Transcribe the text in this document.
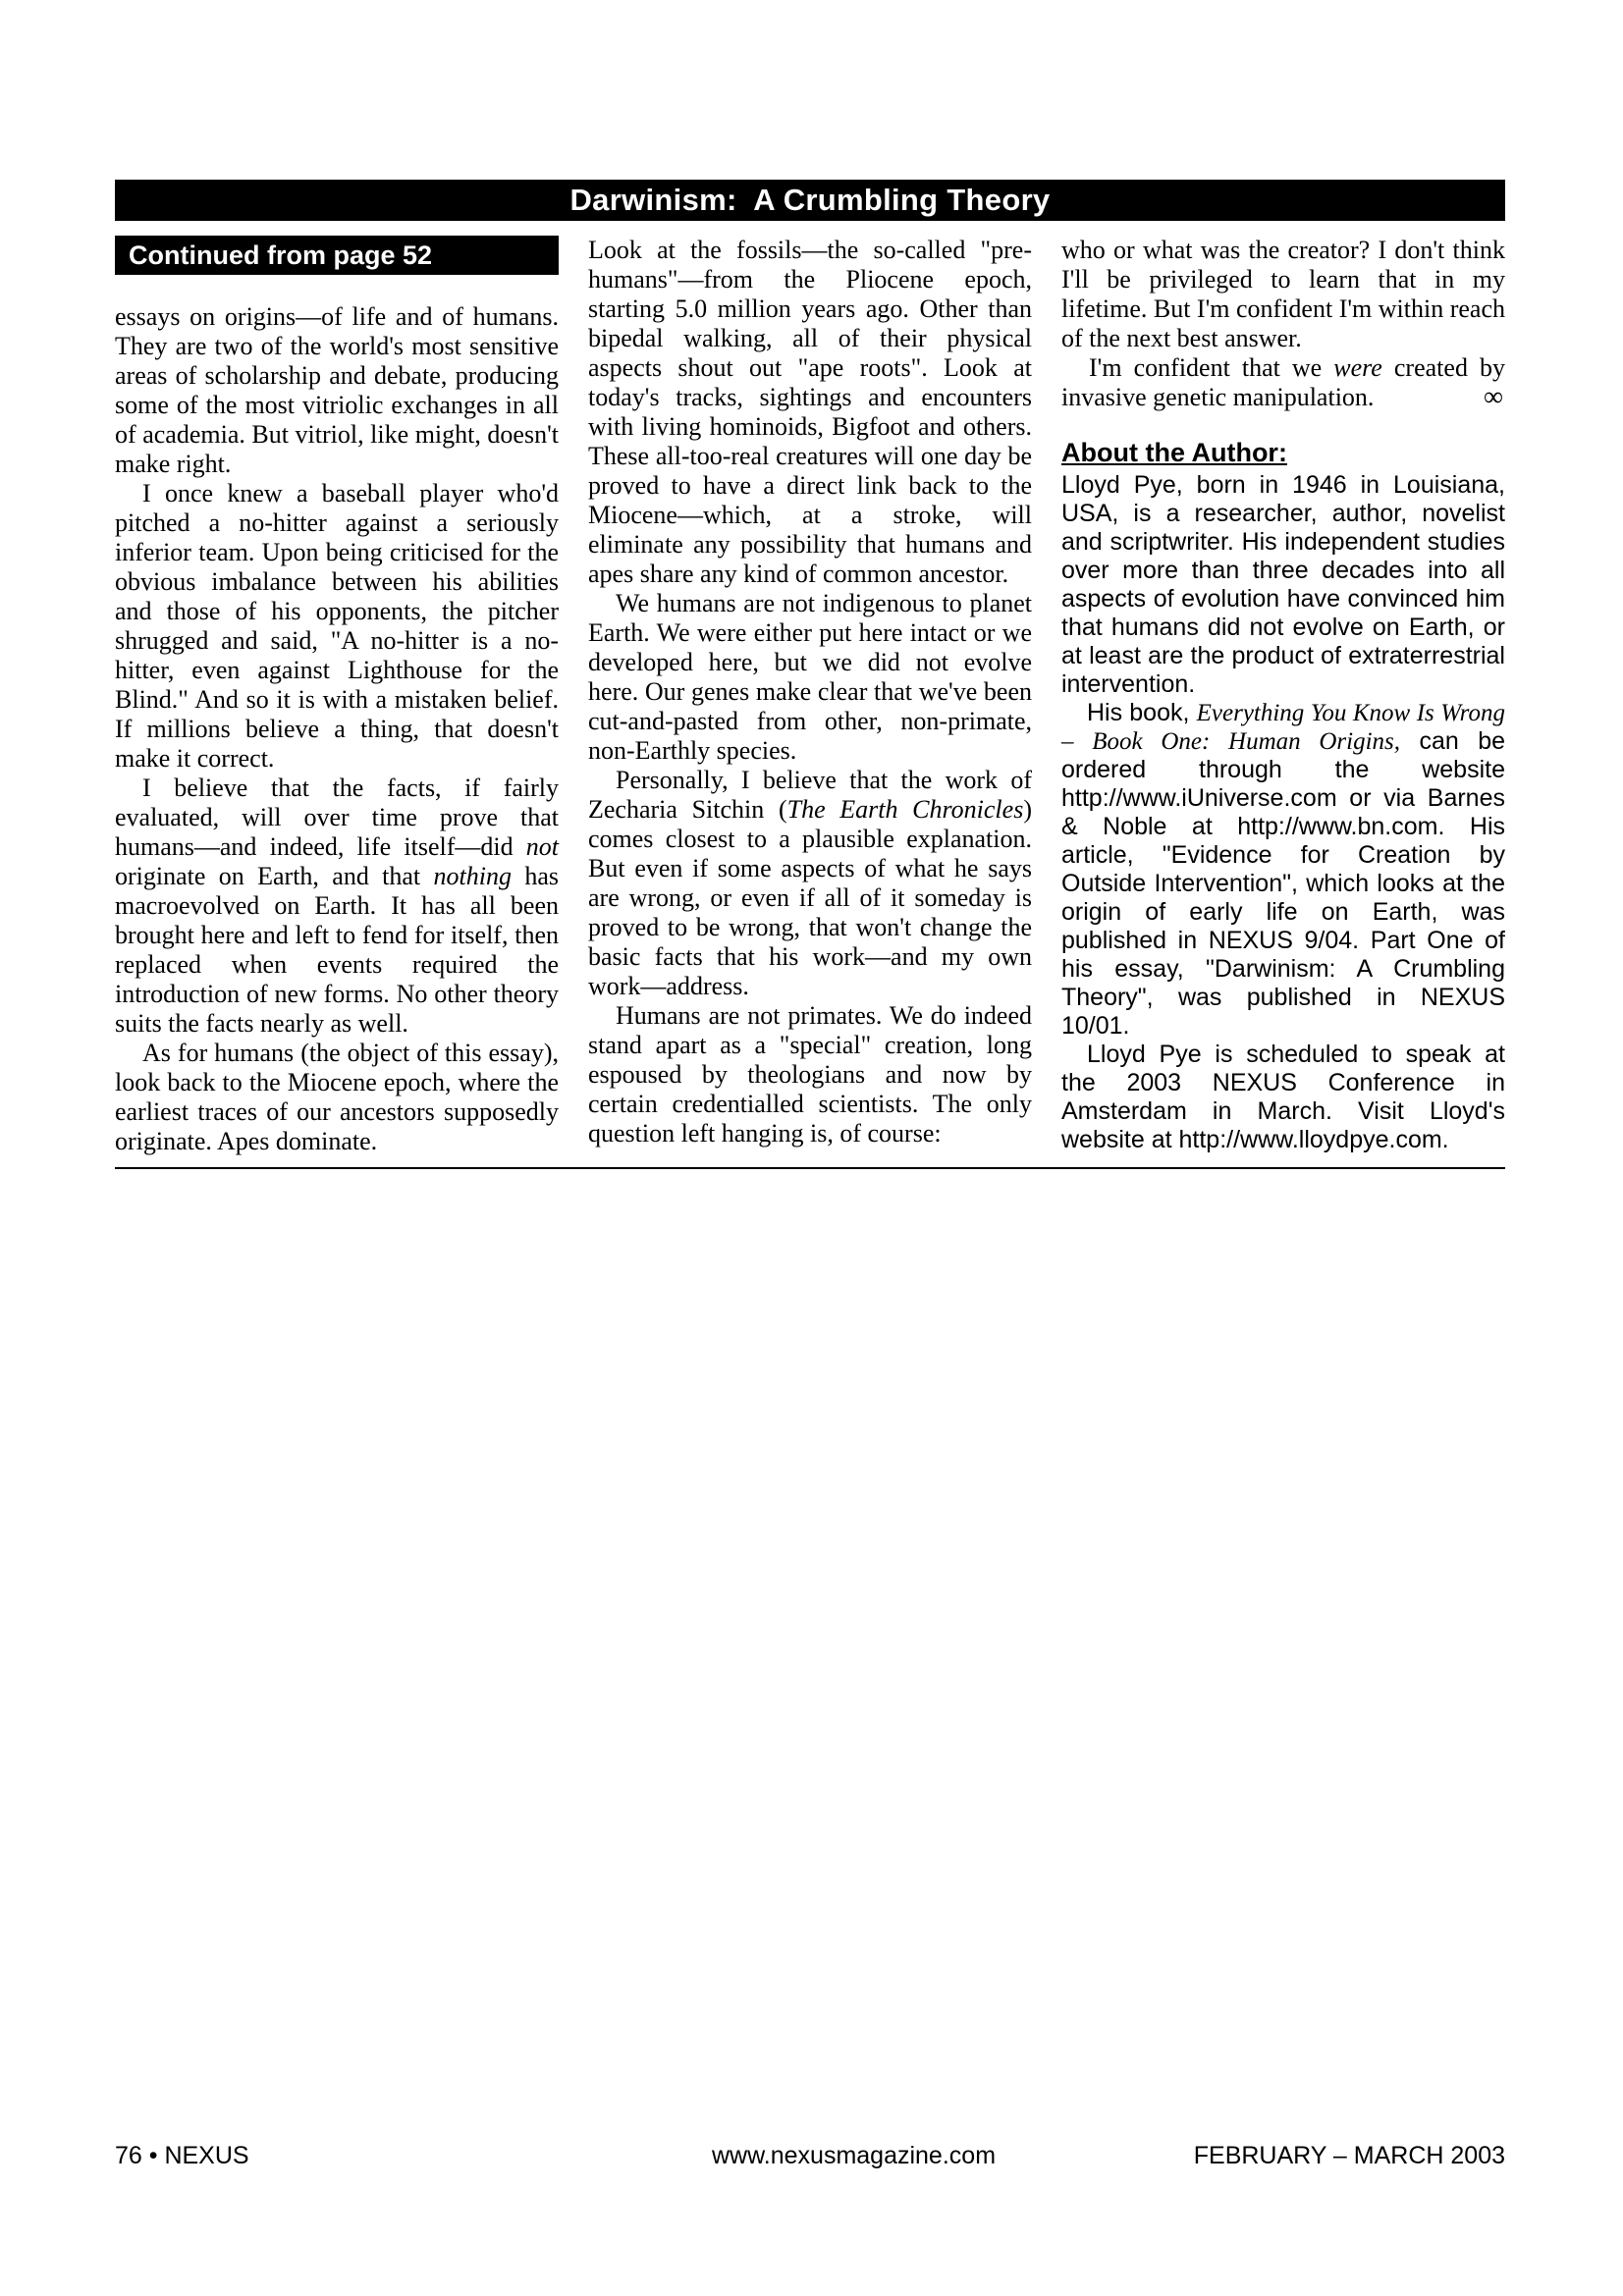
Darwinism:  A Crumbling Theory
Continued from page 52

essays on origins—of life and of humans. They are two of the world's most sensitive areas of scholarship and debate, producing some of the most vitriolic exchanges in all of academia. But vitriol, like might, doesn't make right.

I once knew a baseball player who'd pitched a no-hitter against a seriously inferior team. Upon being criticised for the obvious imbalance between his abilities and those of his opponents, the pitcher shrugged and said, "A no-hitter is a no-hitter, even against Lighthouse for the Blind." And so it is with a mistaken belief. If millions believe a thing, that doesn't make it correct.

I believe that the facts, if fairly evaluated, will over time prove that humans—and indeed, life itself—did not originate on Earth, and that nothing has macroevolved on Earth. It has all been brought here and left to fend for itself, then replaced when events required the introduction of new forms. No other theory suits the facts nearly as well.

As for humans (the object of this essay), look back to the Miocene epoch, where the earliest traces of our ancestors supposedly originate. Apes dominate.

Look at the fossils—the so-called "pre-humans"—from the Pliocene epoch, starting 5.0 million years ago. Other than bipedal walking, all of their physical aspects shout out "ape roots". Look at today's tracks, sightings and encounters with living hominoids, Bigfoot and others. These all-too-real creatures will one day be proved to have a direct link back to the Miocene—which, at a stroke, will eliminate any possibility that humans and apes share any kind of common ancestor.

We humans are not indigenous to planet Earth. We were either put here intact or we developed here, but we did not evolve here. Our genes make clear that we've been cut-and-pasted from other, non-primate, non-Earthly species.

Personally, I believe that the work of Zecharia Sitchin (The Earth Chronicles) comes closest to a plausible explanation. But even if some aspects of what he says are wrong, or even if all of it someday is proved to be wrong, that won't change the basic facts that his work—and my own work—address.

Humans are not primates. We do indeed stand apart as a "special" creation, long espoused by theologians and now by certain credentialled scientists. The only question left hanging is, of course:

who or what was the creator? I don't think I'll be privileged to learn that in my lifetime. But I'm confident I'm within reach of the next best answer.

I'm confident that we were created by invasive genetic manipulation.	∞

About the Author:

Lloyd Pye, born in 1946 in Louisiana, USA, is a researcher, author, novelist and scriptwriter. His independent studies over more than three decades into all aspects of evolution have convinced him that humans did not evolve on Earth, or at least are the product of extraterrestrial intervention.

His book, Everything You Know Is Wrong – Book One: Human Origins, can be ordered through the website http://www.iUniverse.com or via Barnes & Noble at http://www.bn.com. His article, "Evidence for Creation by Outside Intervention", which looks at the origin of early life on Earth, was published in NEXUS 9/04. Part One of his essay, "Darwinism: A Crumbling Theory", was published in NEXUS 10/01.

Lloyd Pye is scheduled to speak at the 2003 NEXUS Conference in Amsterdam in March. Visit Lloyd's website at http://www.lloydpye.com.

76 • NEXUS	www.nexusmagazine.com	FEBRUARY – MARCH 2003
